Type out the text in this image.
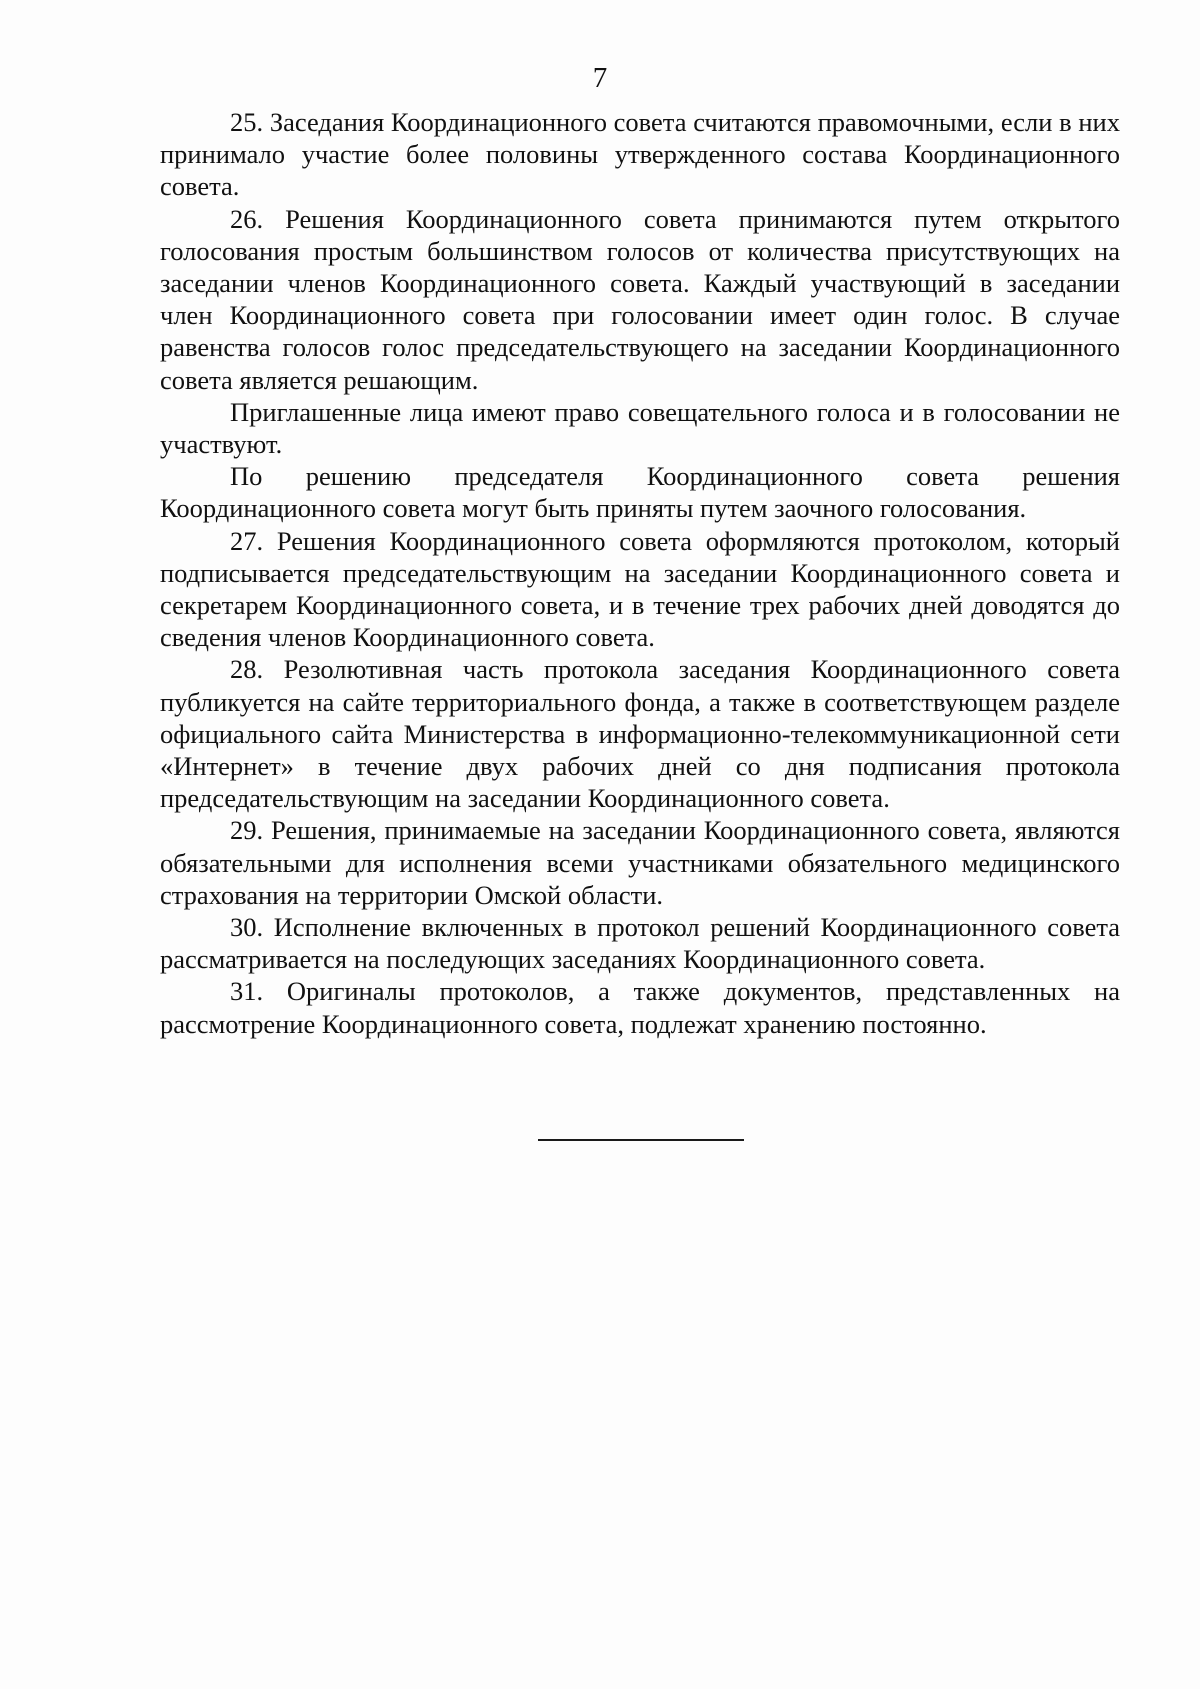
7

25. Заседания Координационного совета считаются правомочными, если в них принимало участие более половины утвержденного состава Координационного совета.

26. Решения Координационного совета принимаются путем открытого голосования простым большинством голосов от количества присутствующих на заседании членов Координационного совета. Каждый участвующий в заседании член Координационного совета при голосовании имеет один голос. В случае равенства голосов голос председательствующего на заседании Координационного совета является решающим.

Приглашенные лица имеют право совещательного голоса и в голосовании не участвуют.

По решению председателя Координационного совета решения Координационного совета могут быть приняты путем заочного голосования.

27. Решения Координационного совета оформляются протоколом, который подписывается председательствующим на заседании Координационного совета и секретарем Координационного совета, и в течение трех рабочих дней доводятся до сведения членов Координационного совета.

28. Резолютивная часть протокола заседания Координационного совета публикуется на сайте территориального фонда, а также в соответствующем разделе официального сайта Министерства в информационно-телекоммуникационной сети «Интернет» в течение двух рабочих дней со дня подписания протокола председательствующим на заседании Координационного совета.

29. Решения, принимаемые на заседании Координационного совета, являются обязательными для исполнения всеми участниками обязательного медицинского страхования на территории Омской области.

30. Исполнение включенных в протокол решений Координационного совета рассматривается на последующих заседаниях Координационного совета.

31. Оригиналы протоколов, а также документов, представленных на рассмотрение Координационного совета, подлежат хранению постоянно.
